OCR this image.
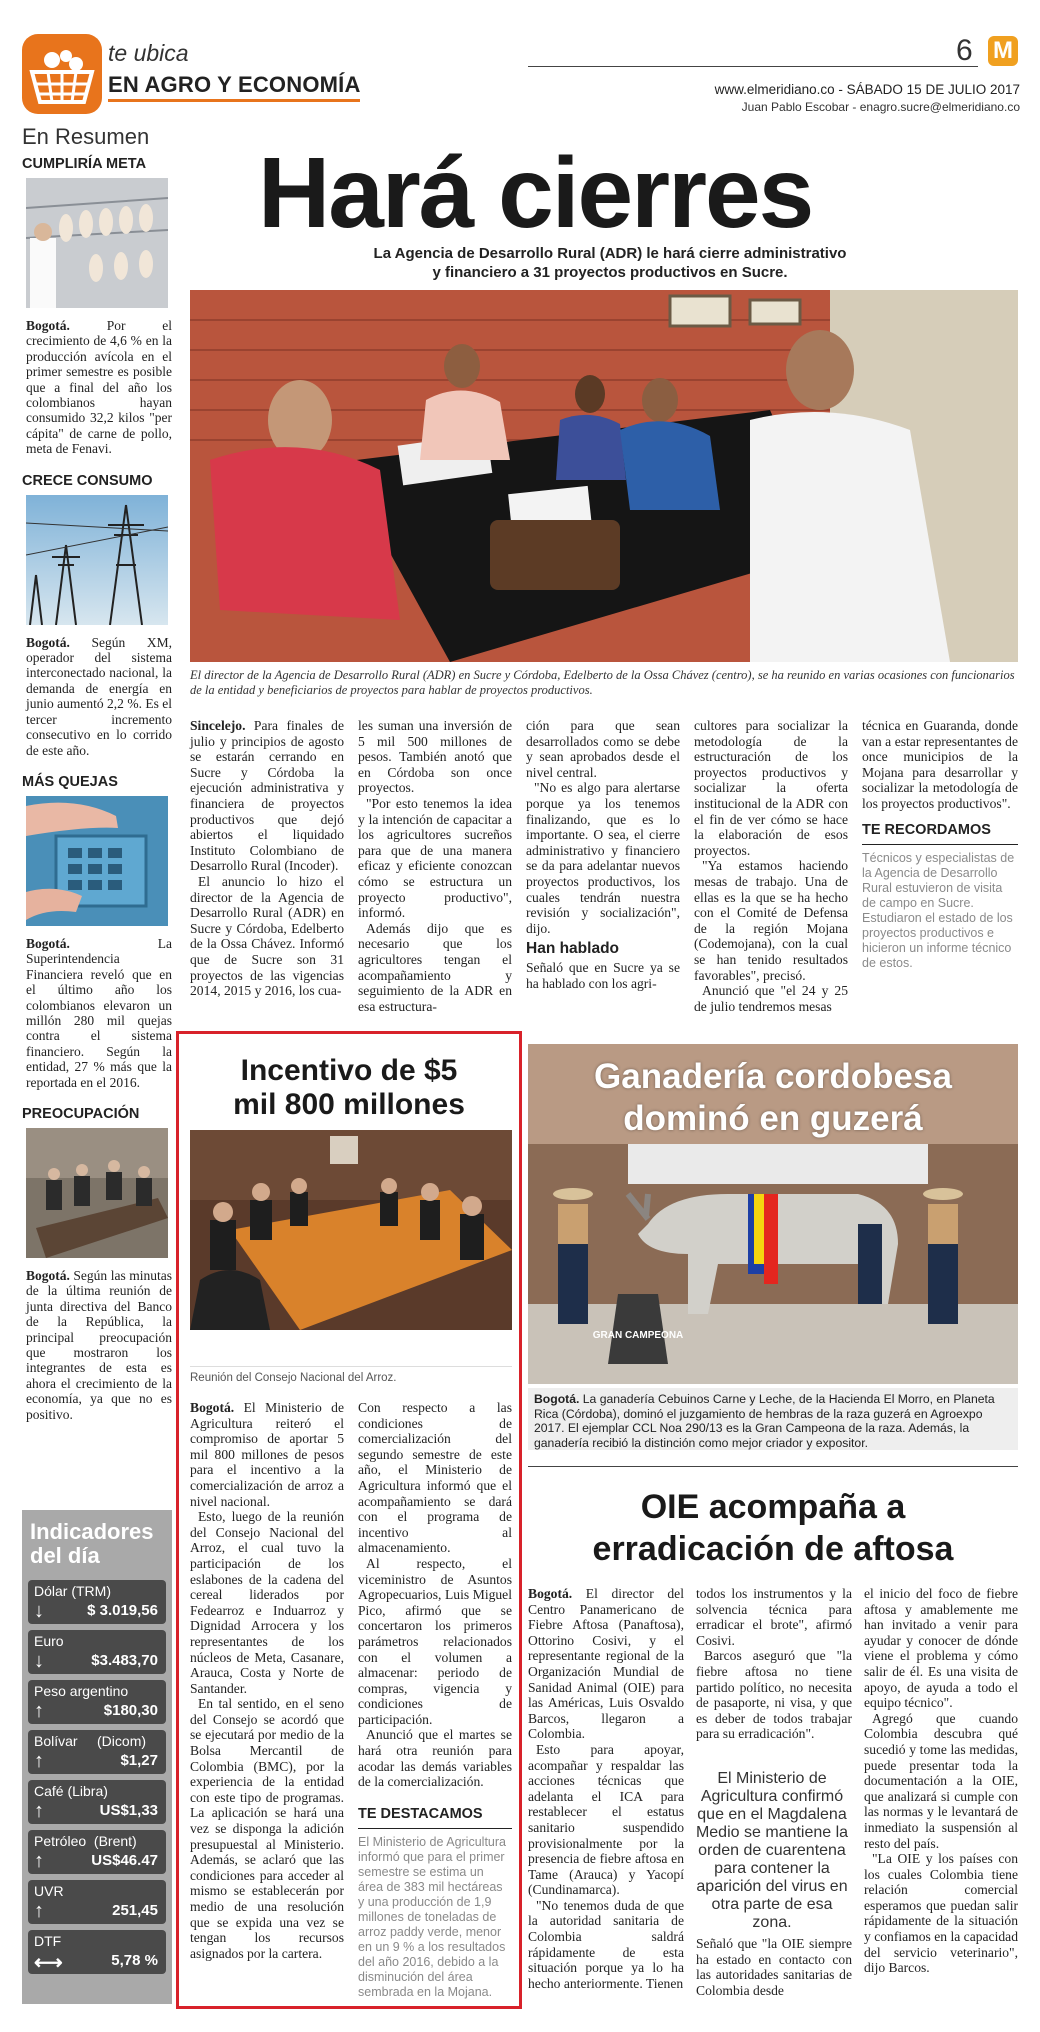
te ubica
EN AGRO Y ECONOMÍA
6 M
www.elmeridiano.co - SÁBADO 15 DE JULIO 2017
Juan Pablo Escobar - enagro.sucre@elmeridiano.co
En Resumen
CUMPLIRÍA META
Bogotá. Por el crecimiento de 4,6 % en la producción avícola en el primer semestre es posible que a final del año los colombianos hayan consumido 32,2 kilos "per cápita" de carne de pollo, meta de Fenavi.
CRECE CONSUMO
Bogotá. Según XM, operador del sistema interconectado nacional, la demanda de energía en junio aumentó 2,2 %. Es el tercer incremento consecutivo en lo corrido de este año.
MÁS QUEJAS
Bogotá. La Superintendencia Financiera reveló que en el último año los colombianos elevaron un millón 280 mil quejas contra el sistema financiero. Según la entidad, 27 % más que la reportada en el 2016.
PREOCUPACIÓN
Bogotá. Según las minutas de la última reunión de junta directiva del Banco de la República, la principal preocupación que mostraron los integrantes de esta es ahora el crecimiento de la economía, ya que no es positivo.
Indicadores del día
Dólar (TRM)
↓	$ 3.019,56
Euro
↓	$3.483,70
Peso argentino
↑	$180,30
Bolívar     (Dicom)
↑	$1,27
Café (Libra)
↑	US$1,33
Petróleo  (Brent)
↑	US$46.47
UVR
↑	251,45
DTF
⟷	5,78 %
Hará cierres
La Agencia de Desarrollo Rural (ADR) le hará cierre administrativo
y financiero a 31 proyectos productivos en Sucre.
El director de la Agencia de Desarrollo Rural (ADR) en Sucre y Córdoba, Edelberto de la Ossa Chávez (centro), se ha reunido en varias ocasiones con funcionarios de la entidad y beneficiarios de proyectos para hablar de proyectos productivos.

Sincelejo. Para finales de julio y principios de agosto se estarán cerrando en Sucre y Córdoba la ejecución administrativa y financiera de proyectos productivos que dejó abiertos el liquidado Instituto Colombiano de Desarrollo Rural (Incoder).

El anuncio lo hizo el director de la Agencia de Desarrollo Rural (ADR) en Sucre y Córdoba, Edelberto de la Ossa Chávez. Informó que de Sucre son 31 proyectos de las vigencias 2014, 2015 y 2016, los cua-

les suman una inversión de 5 mil 500 millones de pesos. También anotó que en Córdoba son once proyectos.

"Por esto tenemos la idea y la intención de capacitar a los agricultores sucreños para que de una manera eficaz y eficiente conozcan cómo se estructura un proyecto productivo", informó.

Además dijo que es necesario que los agricultores tengan el acompañamiento y seguimiento de la ADR en esa estructura-

ción para que sean desarrollados como se debe y sean aprobados desde el nivel central.

"No es algo para alertarse porque ya los tenemos finalizando, que es lo importante. O sea, el cierre administrativo y financiero se da para adelantar nuevos proyectos productivos, los cuales tendrán nuestra revisión y socialización", dijo.

Han hablado

Señaló que en Sucre ya se ha hablado con los agri-

cultores para socializar la metodología de la estructuración de los proyectos productivos y socializar la oferta institucional de la ADR con el fin de ver cómo se hace la elaboración de esos proyectos.

"Ya estamos haciendo mesas de trabajo. Una de ellas es la que se ha hecho con el Comité de Defensa de la región Mojana (Codemojana), con la cual se han tenido resultados favorables", precisó.

Anunció que "el 24 y 25 de julio tendremos mesas

técnica en Guaranda, donde van a estar representantes de once municipios de la Mojana para desarrollar y socializar la metodología de los proyectos productivos".

TE RECORDAMOS
Técnicos y especialistas de la Agencia de Desarrollo Rural estuvieron de visita de campo en Sucre. Estudiaron el estado de los proyectos productivos e hicieron un informe técnico de estos.
Incentivo de $5
mil 800 millones
Reunión del Consejo Nacional del Arroz.

Bogotá. El Ministerio de Agricultura reiteró el compromiso de aportar 5 mil 800 millones de pesos para el incentivo a la comercialización de arroz a nivel nacional.

Esto, luego de la reunión del Consejo Nacional del Arroz, el cual tuvo la participación de los eslabones de la cadena del cereal liderados por Fedearroz e Induarroz y Dignidad Arrocera y los representantes de los núcleos de Meta, Casanare, Arauca, Costa y Norte de Santander.

En tal sentido, en el seno del Consejo se acordó que se ejecutará por medio de la Bolsa Mercantil de Colombia (BMC), por la experiencia de la entidad con este tipo de programas. La aplicación se hará una vez se disponga la adición presupuestal al Ministerio. Además, se aclaró que las condiciones para acceder al mismo se establecerán por medio de una resolución que se expida una vez se tengan los recursos asignados por la cartera.

Con respecto a las condiciones de comercialización del segundo semestre de este año, el Ministerio de Agricultura informó que el acompañamiento se dará con el programa de incentivo al almacenamiento.

Al respecto, el viceministro de Asuntos Agropecuarios, Luis Miguel Pico, afirmó que se concertaron los primeros parámetros relacionados con el volumen a almacenar: periodo de compras, vigencia y condiciones de participación.

Anunció que el martes se hará otra reunión para acodar las demás variables de la comercialización.

TE DESTACAMOS
El Ministerio de Agricultura informó que para el primer semestre se estima un área de 383 mil hectáreas y una producción de 1,9 millones de toneladas de arroz paddy verde, menor en un 9 % a los resultados del año 2016, debido a la disminución del área sembrada en la Mojana.
GRAN CAMPEONA
Ganadería cordobesa
dominó en guzerá
Bogotá. La ganadería Cebuinos Carne y Leche, de la Hacienda El Morro, en Planeta Rica (Córdoba), dominó el juzgamiento de hembras de la raza guzerá en Agroexpo 2017. El ejemplar CCL Noa 290/13 es la Gran Campeona de la raza. Además, la ganadería recibió la distinción como mejor criador y expositor.
OIE acompaña a
erradicación de aftosa

Bogotá. El director del Centro Panamericano de Fiebre Aftosa (Panaftosa), Ottorino Cosivi, y el representante regional de la Organización Mundial de Sanidad Animal (OIE) para las Américas, Luis Osvaldo Barcos, llegaron a Colombia.

Esto para apoyar, acompañar y respaldar las acciones técnicas que adelanta el ICA para restablecer el estatus sanitario suspendido provisionalmente por la presencia de fiebre aftosa en Tame (Arauca) y Yacopí (Cundinamarca).

"No tenemos duda de que la autoridad sanitaria de Colombia saldrá rápidamente de esta situación porque ya lo ha hecho anteriormente. Tienen

todos los instrumentos y la solvencia técnica para erradicar el brote", afirmó Cosivi.

Barcos aseguró que "la fiebre aftosa no tiene partido político, no necesita de pasaporte, ni visa, y que es deber de todos trabajar para su erradicación".

El Ministerio de Agricultura confirmó que en el Magdalena Medio se mantiene la orden de cuarentena para contener la aparición del virus en otra parte de esa zona.

Señaló que "la OIE siempre ha estado en contacto con las autoridades sanitarias de Colombia desde

el inicio del foco de fiebre aftosa y amablemente me han invitado a venir para ayudar y conocer de dónde viene el problema y cómo salir de él. Es una visita de apoyo, de ayuda a todo el equipo técnico".

Agregó que cuando Colombia descubra qué sucedió y tome las medidas, puede presentar toda la documentación a la OIE, que analizará si cumple con las normas y le levantará de inmediato la suspensión al resto del país.

"La OIE y los países con los cuales Colombia tiene relación comercial esperamos que puedan salir rápidamente de la situación y confiamos en la capacidad del servicio veterinario", dijo Barcos.
